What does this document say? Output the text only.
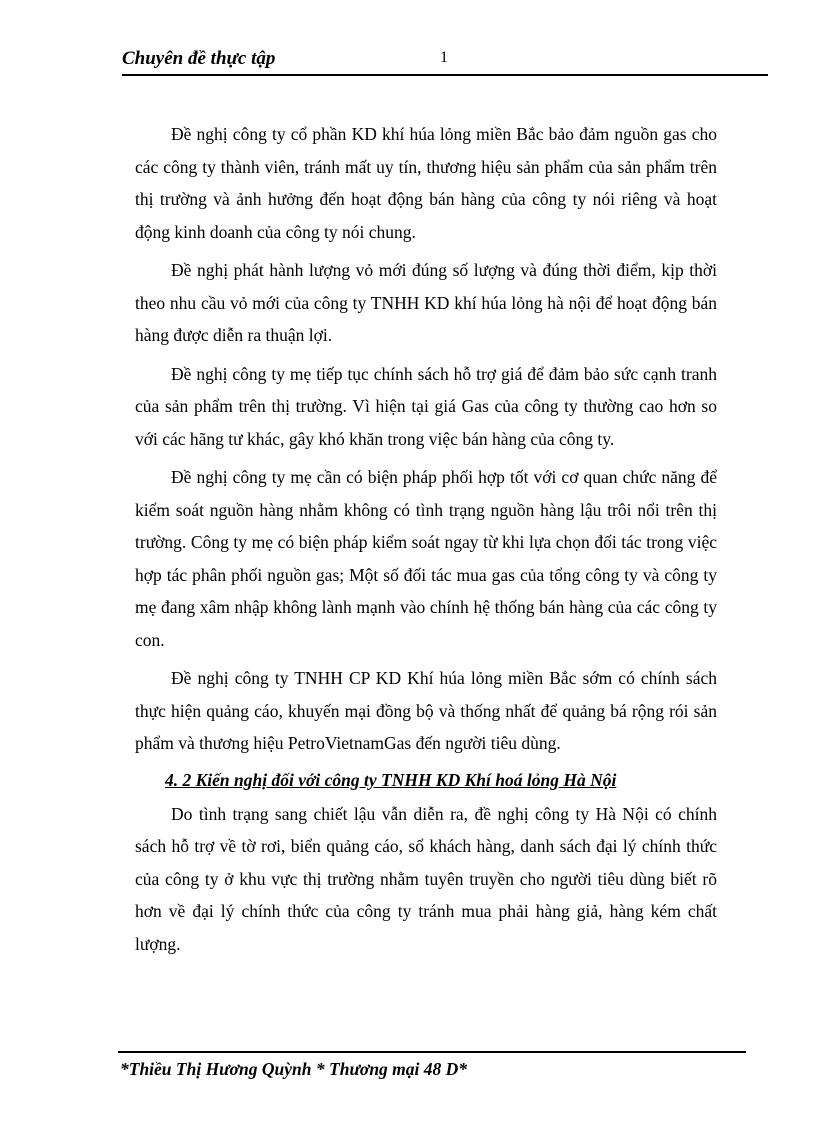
Chuyên đề thực tập	1

Đề nghị công ty cổ phần KD khí húa lỏng miền Bắc bảo đảm nguồn gas cho các công ty thành viên, tránh mất uy tín, thương hiệu sản phẩm của sản phẩm trên thị trường và ảnh hưởng đến hoạt động bán hàng của công ty nói riêng và hoạt động kinh doanh của công ty nói chung.

Đề nghị phát hành lượng vỏ mới đúng số lượng và đúng thời điểm, kịp thời theo nhu cầu vỏ mới của công ty TNHH KD khí húa lỏng hà nội để hoạt động bán hàng được diễn ra thuận lợi.

Đề nghị công ty mẹ tiếp tục chính sách hỗ trợ giá để đảm bảo sức cạnh tranh của sản phẩm trên thị trường. Vì hiện tại giá Gas của công ty thường cao hơn so với các hãng tư khác, gây khó khăn trong việc bán hàng của công ty.

Đề nghị công ty mẹ cần có biện pháp phối hợp tốt với cơ quan chức năng để kiểm soát nguồn hàng nhằm không có tình trạng nguồn hàng lậu trôi nổi trên thị trường. Công ty mẹ có biện pháp kiểm soát ngay từ khi lựa chọn đối tác trong việc hợp tác phân phối nguồn gas; Một số đối tác mua gas của tổng công ty và công ty mẹ đang xâm nhập không lành mạnh vào chính hệ thống bán hàng của các công ty con.

Đề nghị công ty TNHH CP KD Khí húa lỏng miền Bắc sớm có chính sách thực hiện quảng cáo, khuyến mại đồng bộ và thống nhất để quảng bá rộng rói sản phẩm và thương hiệu PetroVietnamGas đến người tiêu dùng.

4. 2 Kiến nghị đối với công ty TNHH KD Khí hoá lỏng Hà Nội

Do tình trạng sang chiết lậu vẫn diễn ra, đề nghị công ty Hà Nội có chính sách hỗ trợ về tờ rơi, biển quảng cáo, sổ khách hàng, danh sách đại lý chính thức của công ty ở khu vực thị trường nhằm tuyên truyền cho người tiêu dùng biết rõ hơn về đại lý chính thức của công ty tránh mua phải hàng giả, hàng kém chất lượng.

*Thiều Thị Hương Quỳnh * Thương mại 48 D*
